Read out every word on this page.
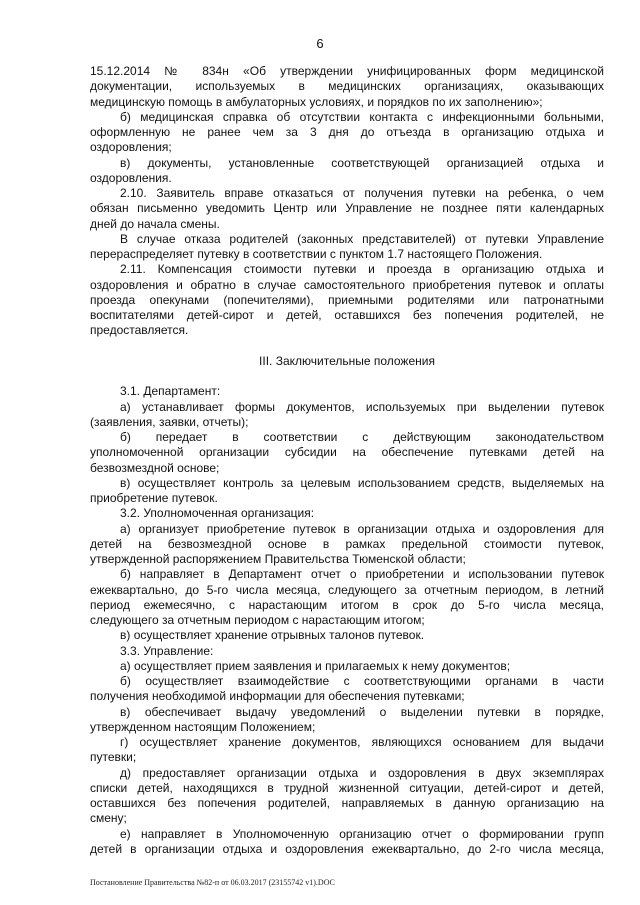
6
15.12.2014 № 834н «Об утверждении унифицированных форм медицинской
документации, используемых в медицинских организациях, оказывающих
медицинскую помощь в амбулаторных условиях, и порядков по их заполнению»;
б) медицинская справка об отсутствии контакта с инфекционными больными,
оформленную не ранее чем за 3 дня до отъезда в организацию отдыха и
оздоровления;
в) документы, установленные соответствующей организацией отдыха и
оздоровления.
2.10. Заявитель вправе отказаться от получения путевки на ребенка, о чем
обязан письменно уведомить Центр или Управление не позднее пяти календарных
дней до начала смены.
В случае отказа родителей (законных представителей) от путевки Управление
перераспределяет путевку в соответствии с пунктом 1.7 настоящего Положения.
2.11. Компенсация стоимости путевки и проезда в организацию отдыха и
оздоровления и обратно в случае самостоятельного приобретения путевок и оплаты
проезда опекунами (попечителями), приемными родителями или патронатными
воспитателями детей-сирот и детей, оставшихся без попечения родителей, не
предоставляется.

III. Заключительные положения

3.1. Департамент:
а) устанавливает формы документов, используемых при выделении путевок
(заявления, заявки, отчеты);
б) передает в соответствии с действующим законодательством
уполномоченной организации субсидии на обеспечение путевками детей на
безвозмездной основе;
в) осуществляет контроль за целевым использованием средств, выделяемых на
приобретение путевок.
3.2. Уполномоченная организация:
а) организует приобретение путевок в организации отдыха и оздоровления для
детей на безвозмездной основе в рамках предельной стоимости путевок,
утвержденной распоряжением Правительства Тюменской области;
б) направляет в Департамент отчет о приобретении и использовании путевок
ежеквартально, до 5-го числа месяца, следующего за отчетным периодом, в летний
период ежемесячно, с нарастающим итогом в срок до 5-го числа месяца,
следующего за отчетным периодом с нарастающим итогом;
в) осуществляет хранение отрывных талонов путевок.
3.3. Управление:
а) осуществляет прием заявления и прилагаемых к нему документов;
б) осуществляет взаимодействие с соответствующими органами в части
получения необходимой информации для обеспечения путевками;
в) обеспечивает выдачу уведомлений о выделении путевки в порядке,
утвержденном настоящим Положением;
г) осуществляет хранение документов, являющихся основанием для выдачи
путевки;
д) предоставляет организации отдыха и оздоровления в двух экземплярах
списки детей, находящихся в трудной жизненной ситуации, детей-сирот и детей,
оставшихся без попечения родителей, направляемых в данную организацию на
смену;
е) направляет в Уполномоченную организацию отчет о формировании групп
детей в организации отдыха и оздоровления ежеквартально, до 2-го числа месяца,
Постановление Правительства №82-п от 06.03.2017 (23155742 v1).DOC
